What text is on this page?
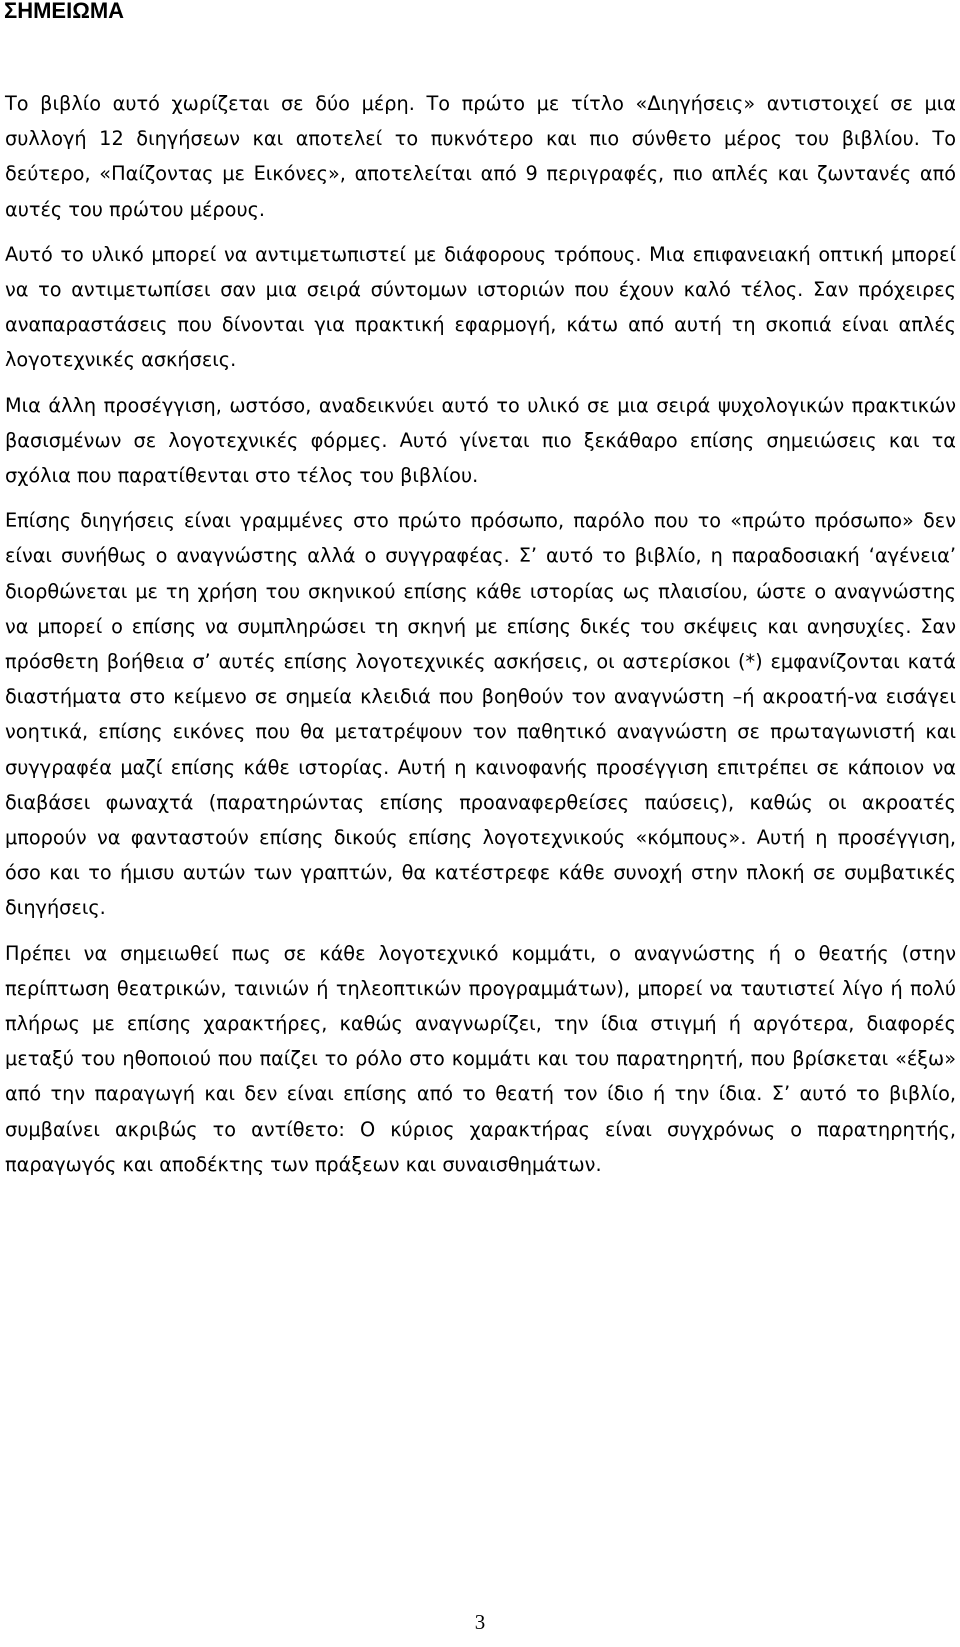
ΣΗΜΕΙΩΜΑ

Το βιβλίο αυτό χωρίζεται σε δύο μέρη. Το πρώτο με τίτλο «Διηγήσεις» αντιστοιχεί σε μια συλλογή 12 διηγήσεων και αποτελεί το πυκνότερο και πιο σύνθετο μέρος του βιβλίου. Το δεύτερο, «Παίζοντας με Εικόνες», αποτελείται από 9 περιγραφές, πιο απλές και ζωντανές από αυτές του πρώτου μέρους.

Αυτό το υλικό μπορεί να αντιμετωπιστεί με διάφορους τρόπους. Μια επιφανειακή οπτική μπορεί να το αντιμετωπίσει σαν μια σειρά σύντομων ιστοριών που έχουν καλό τέλος. Σαν πρόχειρες αναπαραστάσεις που δίνονται για πρακτική εφαρμογή, κάτω από αυτή τη σκοπιά είναι απλές λογοτεχνικές ασκήσεις.

Μια άλλη προσέγγιση, ωστόσο, αναδεικνύει αυτό το υλικό σε μια σειρά ψυχολογικών πρακτικών βασισμένων σε λογοτεχνικές φόρμες. Αυτό γίνεται πιο ξεκάθαρο επίσης σημειώσεις και τα σχόλια που παρατίθενται στο τέλος του βιβλίου.

Επίσης διηγήσεις είναι γραμμένες στο πρώτο πρόσωπο, παρόλο που το «πρώτο πρόσωπο» δεν είναι συνήθως ο αναγνώστης αλλά ο συγγραφέας. Σ’ αυτό το βιβλίο, η παραδοσιακή ‘αγένεια’ διορθώνεται με τη χρήση του σκηνικού επίσης κάθε ιστορίας ως πλαισίου, ώστε ο αναγνώστης να μπορεί ο επίσης να συμπληρώσει τη σκηνή με επίσης δικές του σκέψεις και ανησυχίες. Σαν πρόσθετη βοήθεια σ’ αυτές επίσης λογοτεχνικές ασκήσεις, οι αστερίσκοι (*) εμφανίζονται κατά διαστήματα στο κείμενο σε σημεία κλειδιά που βοηθούν τον αναγνώστη –ή ακροατή-να εισάγει νοητικά, επίσης εικόνες που θα μετατρέψουν τον παθητικό αναγνώστη σε πρωταγωνιστή και συγγραφέα μαζί επίσης κάθε ιστορίας. Αυτή η καινοφανής προσέγγιση επιτρέπει σε κάποιον να διαβάσει φωναχτά (παρατηρώντας επίσης προαναφερθείσες παύσεις), καθώς οι ακροατές μπορούν να φανταστούν επίσης δικούς επίσης λογοτεχνικούς «κόμπους». Αυτή η προσέγγιση, όσο και το ήμισυ αυτών των γραπτών, θα κατέστρεφε κάθε συνοχή στην πλοκή σε συμβατικές διηγήσεις.

Πρέπει να σημειωθεί πως σε κάθε λογοτεχνικό κομμάτι, ο αναγνώστης ή ο θεατής (στην περίπτωση θεατρικών, ταινιών ή τηλεοπτικών προγραμμάτων), μπορεί να ταυτιστεί λίγο ή πολύ πλήρως με επίσης χαρακτήρες, καθώς αναγνωρίζει, την ίδια στιγμή ή αργότερα, διαφορές μεταξύ του ηθοποιού που παίζει το ρόλο στο κομμάτι και του παρατηρητή, που βρίσκεται «έξω» από την παραγωγή και δεν είναι επίσης από το θεατή τον ίδιο ή την ίδια. Σ’ αυτό το βιβλίο, συμβαίνει ακριβώς το αντίθετο: Ο κύριος χαρακτήρας είναι συγχρόνως ο παρατηρητής, παραγωγός και αποδέκτης των πράξεων και συναισθημάτων.

3
